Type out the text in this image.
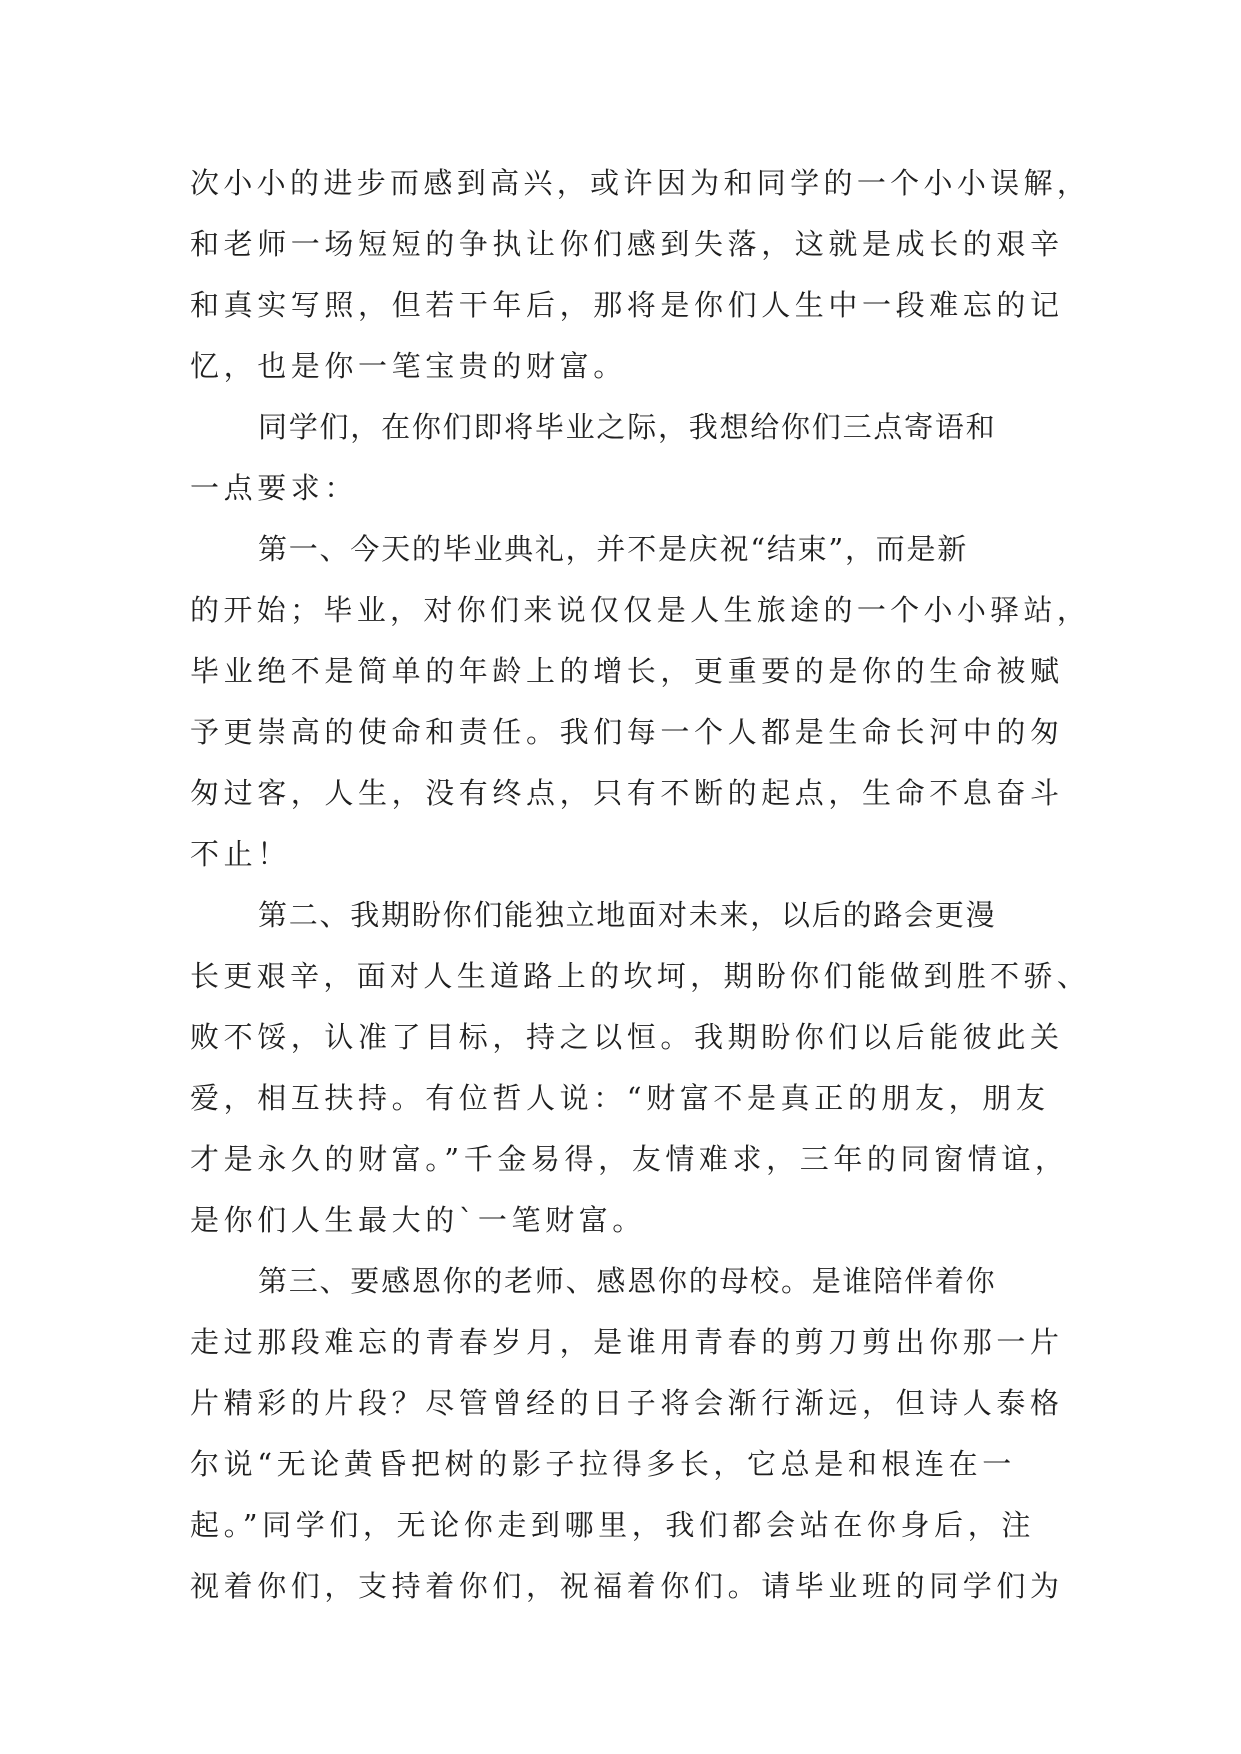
次小小的进步而感到高兴，或许因为和同学的一个小小误解，
和老师一场短短的争执让你们感到失落，这就是成长的艰辛
和真实写照，但若干年后，那将是你们人生中一段难忘的记
忆，也是你一笔宝贵的财富。
同学们，在你们即将毕业之际，我想给你们三点寄语和
一点要求：
第一、今天的毕业典礼，并不是庆祝“结束”，而是新
的开始；毕业，对你们来说仅仅是人生旅途的一个小小驿站，
毕业绝不是简单的年龄上的增长，更重要的是你的生命被赋
予更崇高的使命和责任。我们每一个人都是生命长河中的匆
匆过客，人生，没有终点，只有不断的起点，生命不息奋斗
不止！
第二、我期盼你们能独立地面对未来，以后的路会更漫
长更艰辛，面对人生道路上的坎坷，期盼你们能做到胜不骄、
败不馁，认准了目标，持之以恒。我期盼你们以后能彼此关
爱，相互扶持。有位哲人说：“财富不是真正的朋友，朋友
才是永久的财富。”千金易得，友情难求，三年的同窗情谊，
是你们人生最大的`一笔财富。
第三、要感恩你的老师、感恩你的母校。是谁陪伴着你
走过那段难忘的青春岁月，是谁用青春的剪刀剪出你那一片
片精彩的片段？尽管曾经的日子将会渐行渐远，但诗人泰格
尔说“无论黄昏把树的影子拉得多长，它总是和根连在一
起。”同学们，无论你走到哪里，我们都会站在你身后，注
视着你们，支持着你们，祝福着你们。请毕业班的同学们为
